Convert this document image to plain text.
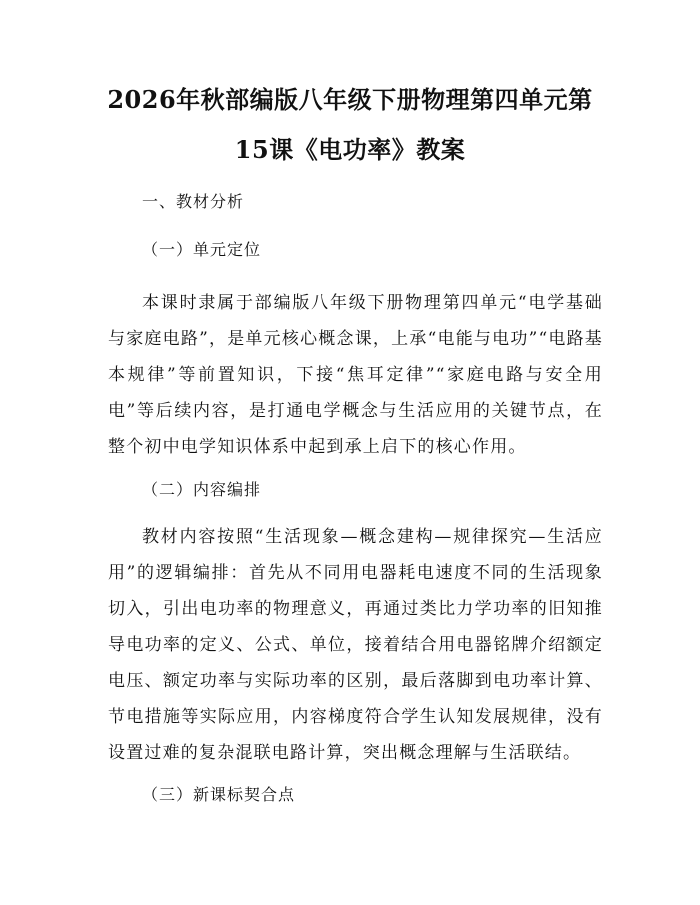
2026年秋部编版八年级下册物理第四单元第
15课《电功率》教案
一、教材分析
（一）单元定位
本课时隶属于部编版八年级下册物理第四单元“电学基础与家庭电路”，是单元核心概念课，上承“电能与电功”“电路基本规律”等前置知识，下接“焦耳定律”“家庭电路与安全用电”等后续内容，是打通电学概念与生活应用的关键节点，在整个初中电学知识体系中起到承上启下的核心作用。
（二）内容编排
教材内容按照“生活现象—概念建构—规律探究—生活应用”的逻辑编排：首先从不同用电器耗电速度不同的生活现象切入，引出电功率的物理意义，再通过类比力学功率的旧知推导电功率的定义、公式、单位，接着结合用电器铭牌介绍额定电压、额定功率与实际功率的区别，最后落脚到电功率计算、节电措施等实际应用，内容梯度符合学生认知发展规律，没有设置过难的复杂混联电路计算，突出概念理解与生活联结。
（三）新课标契合点
